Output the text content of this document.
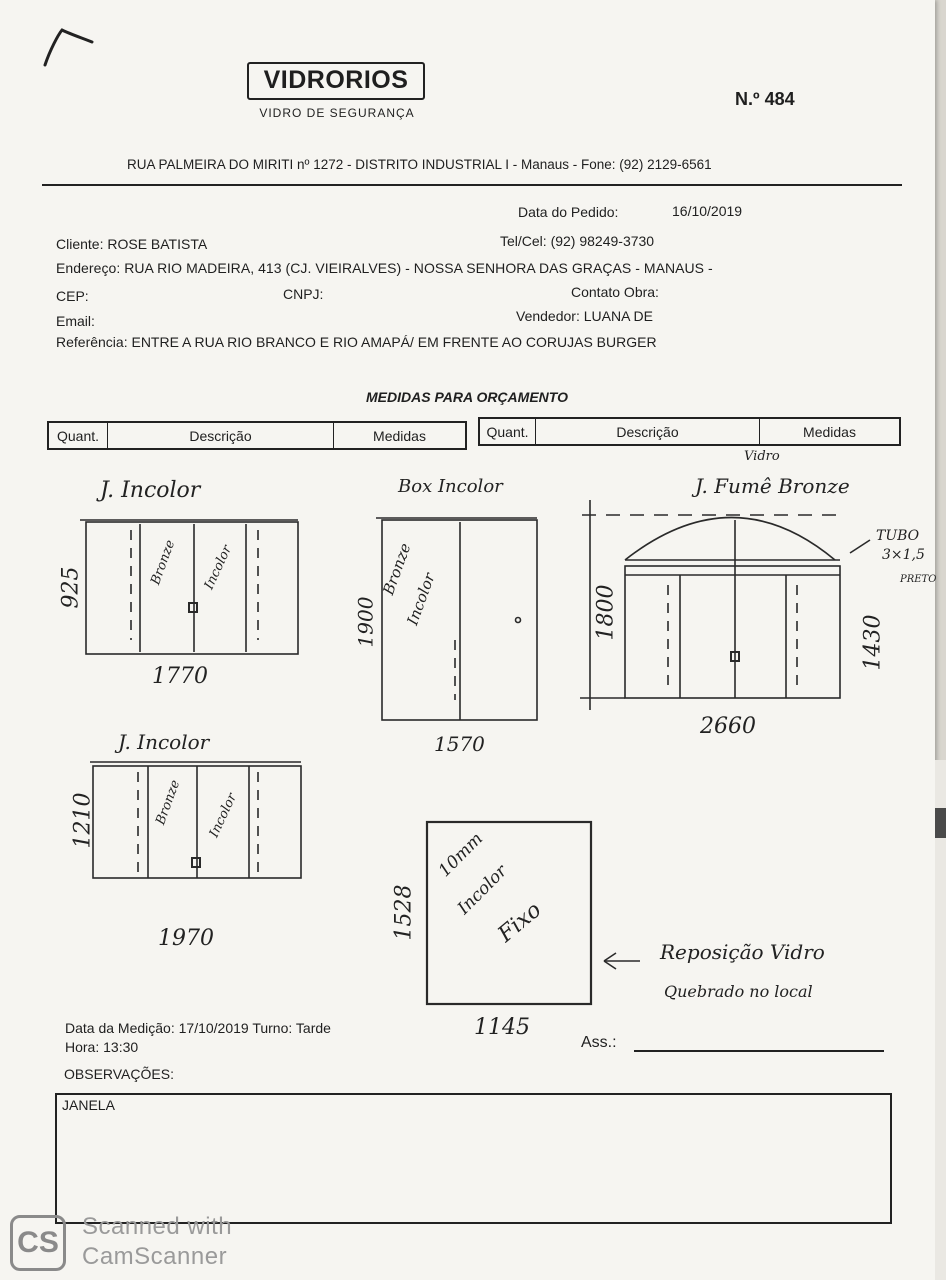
VIDRORIOS
VIDRO DE SEGURANÇA
N.º 484
RUA PALMEIRA DO MIRITI nº 1272 - DISTRITO INDUSTRIAL I - Manaus - Fone: (92) 2129-6561
Data do Pedido:	16/10/2019
Cliente: ROSE BATISTA	Tel/Cel: (92) 98249-3730
Endereço: RUA RIO MADEIRA, 413 (CJ. VIEIRALVES) - NOSSA SENHORA DAS GRAÇAS - MANAUS -
CEP:	CNPJ:	Contato Obra:
Email:	Vendedor: LUANA DE
Referência: ENTRE A RUA RIO BRANCO E RIO AMAPÁ/ EM FRENTE AO CORUJAS BURGER
MEDIDAS PARA ORÇAMENTO
Quant.	Descrição	Medidas	Quant.	Descrição	Medidas
J. Incolor
925
1770
Bronze Incolor
Box Incolor
1900
1570
Bronze
Incolor
Vidro
J. Fumê Bronze
1800
1430
2660
TUBO
3×1,5
PRETO
J. Incolor
1210
1970
Bronze Incolor
1528
1145
10mm
Incolor
Fixo
Reposição Vidro
Quebrado no local
Data da Medição: 17/10/2019 Turno: Tarde
Hora: 13:30	Ass.:
OBSERVAÇÕES:
JANELA
CS Scanned with
CamScanner
